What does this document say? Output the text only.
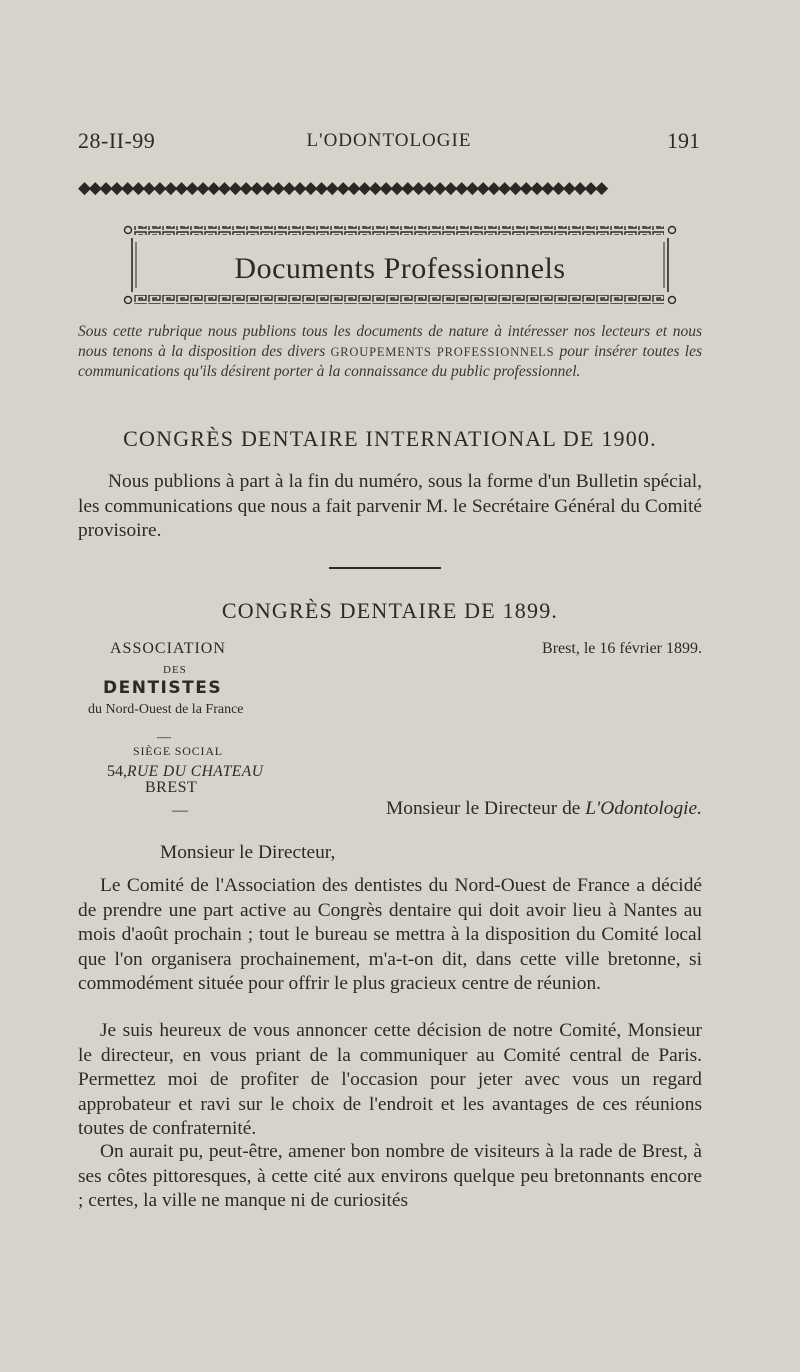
28-II-99	L'ODONTOLOGIE	191
◆◆◆◆◆◆◆◆◆◆◆◆◆◆◆◆◆◆◆◆◆◆◆◆◆◆◆◆◆◆◆◆◆◆◆◆◆◆◆◆◆◆◆◆◆◆◆◆◆
Documents Professionnels
Sous cette rubrique nous publions tous les documents de nature à intéresser nos lecteurs et nous nous tenons à la disposition des divers GROUPEMENTS PROFESSIONNELS pour insérer toutes les communications qu'ils désirent porter à la connaissance du public professionnel.
CONGRÈS DENTAIRE INTERNATIONAL DE 1900.
Nous publions à part à la fin du numéro, sous la forme d'un Bulletin spécial, les communications que nous a fait parvenir M. le Secrétaire Général du Comité provisoire.
CONGRÈS DENTAIRE DE 1899.
ASSOCIATION	Brest, le 16 février 1899.
DES
DENTISTES
du Nord-Ouest de la France
—
SIÈGE SOCIAL
54,RUE DU CHATEAU
BREST
—	Monsieur le Directeur de L'Odontologie.
Monsieur le Directeur,
Le Comité de l'Association des dentistes du Nord-Ouest de France a décidé de prendre une part active au Congrès dentaire qui doit avoir lieu à Nantes au mois d'août prochain ; tout le bureau se mettra à la disposition du Comité local que l'on organisera prochainement, m'a-t-on dit, dans cette ville bretonne, si commodément située pour offrir le plus gracieux centre de réunion.
Je suis heureux de vous annoncer cette décision de notre Comité, Monsieur le directeur, en vous priant de la communiquer au Comité central de Paris. Permettez moi de profiter de l'occasion pour jeter avec vous un regard approbateur et ravi sur le choix de l'endroit et les avantages de ces réunions toutes de confraternité.
On aurait pu, peut-être, amener bon nombre de visiteurs à la rade de Brest, à ses côtes pittoresques, à cette cité aux environs quelque peu bretonnants encore ; certes, la ville ne manque ni de curiosités
